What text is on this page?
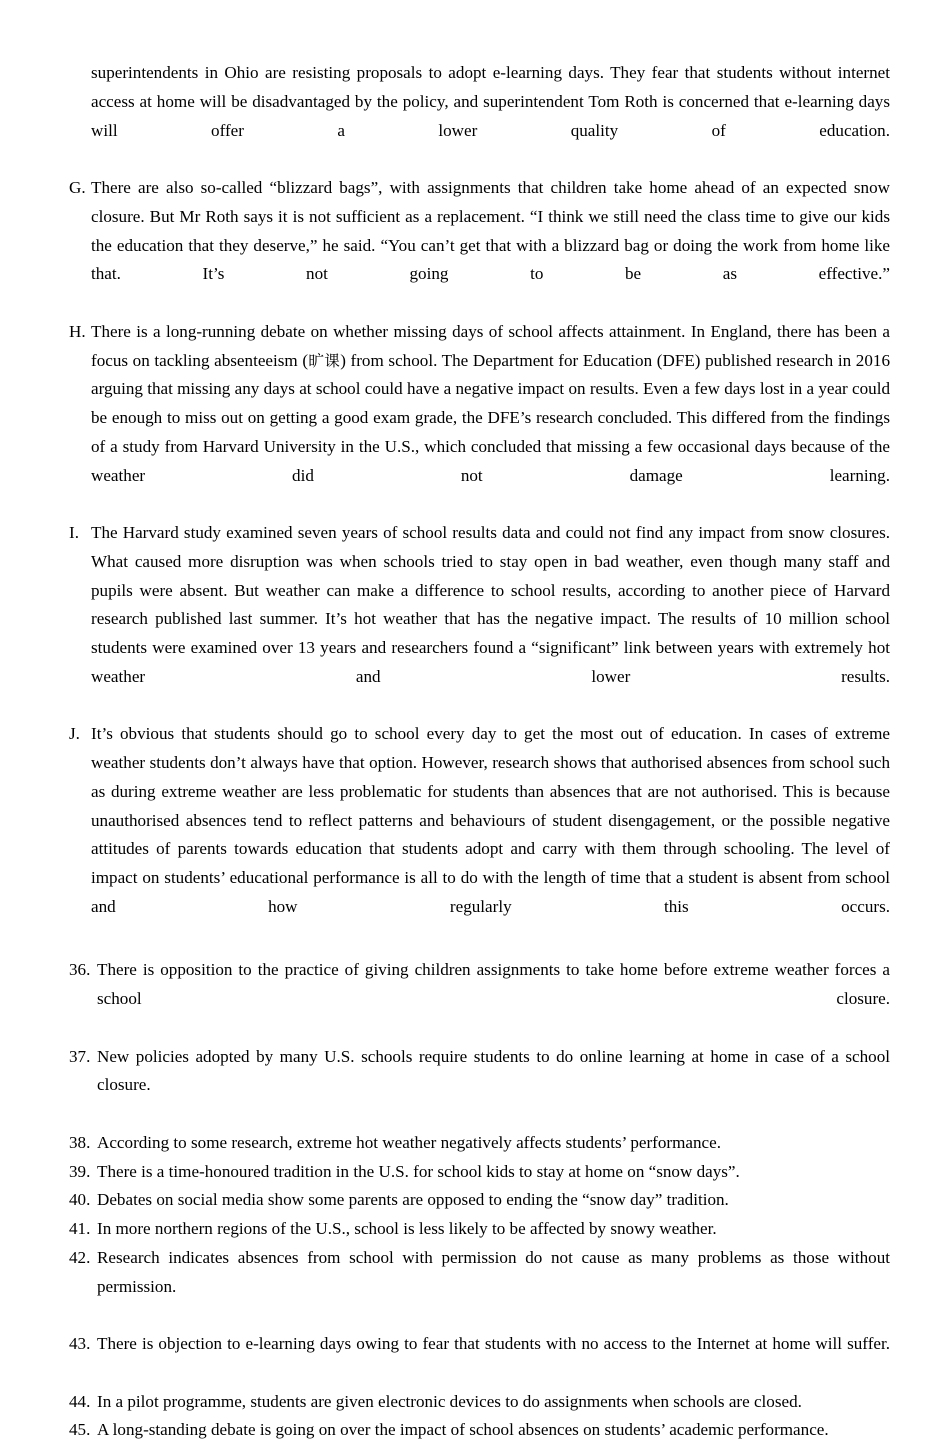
superintendents in Ohio are resisting proposals to adopt e-learning days. They fear that students without internet access at home will be disadvantaged by the policy, and superintendent Tom Roth is concerned that e-learning days will offer a lower quality of education.

G. There are also so-called “blizzard bags”, with assignments that children take home ahead of an expected snow closure. But Mr Roth says it is not sufficient as a replacement. “I think we still need the class time to give our kids the education that they deserve,” he said. “You can’t get that with a blizzard bag or doing the work from home like that. It’s not going to be as effective.”
H. There is a long-running debate on whether missing days of school affects attainment. In England, there has been a focus on tackling absenteeism (旷课) from school. The Department for Education (DFE) published research in 2016 arguing that missing any days at school could have a negative impact on results. Even a few days lost in a year could be enough to miss out on getting a good exam grade, the DFE’s research concluded. This differed from the findings of a study from Harvard University in the U.S., which concluded that missing a few occasional days because of the weather did not damage learning.
I. The Harvard study examined seven years of school results data and could not find any impact from snow closures. What caused more disruption was when schools tried to stay open in bad weather, even though many staff and pupils were absent. But weather can make a difference to school results, according to another piece of Harvard research published last summer. It’s hot weather that has the negative impact. The results of 10 million school students were examined over 13 years and researchers found a “significant” link between years with extremely hot weather and lower results.
J. It’s obvious that students should go to school every day to get the most out of education. In cases of extreme weather students don’t always have that option. However, research shows that authorised absences from school such as during extreme weather are less problematic for students than absences that are not authorised. This is because unauthorised absences tend to reflect patterns and behaviours of student disengagement, or the possible negative attitudes of parents towards education that students adopt and carry with them through schooling. The level of impact on students’ educational performance is all to do with the length of time that a student is absent from school and how regularly this occurs.
36. There is opposition to the practice of giving children assignments to take home before extreme weather forces a school closure.
37. New policies adopted by many U.S. schools require students to do online learning at home in case of a school closure.
38. According to some research, extreme hot weather negatively affects students’ performance.
39. There is a time-honoured tradition in the U.S. for school kids to stay at home on “snow days”.
40. Debates on social media show some parents are opposed to ending the “snow day” tradition.
41. In more northern regions of the U.S., school is less likely to be affected by snowy weather.
42. Research indicates absences from school with permission do not cause as many problems as those without permission.
43. There is objection to e-learning days owing to fear that students with no access to the Internet at home will suffer.
44. In a pilot programme, students are given electronic devices to do assignments when schools are closed.
45. A long-standing debate is going on over the impact of school absences on students’ academic performance.
